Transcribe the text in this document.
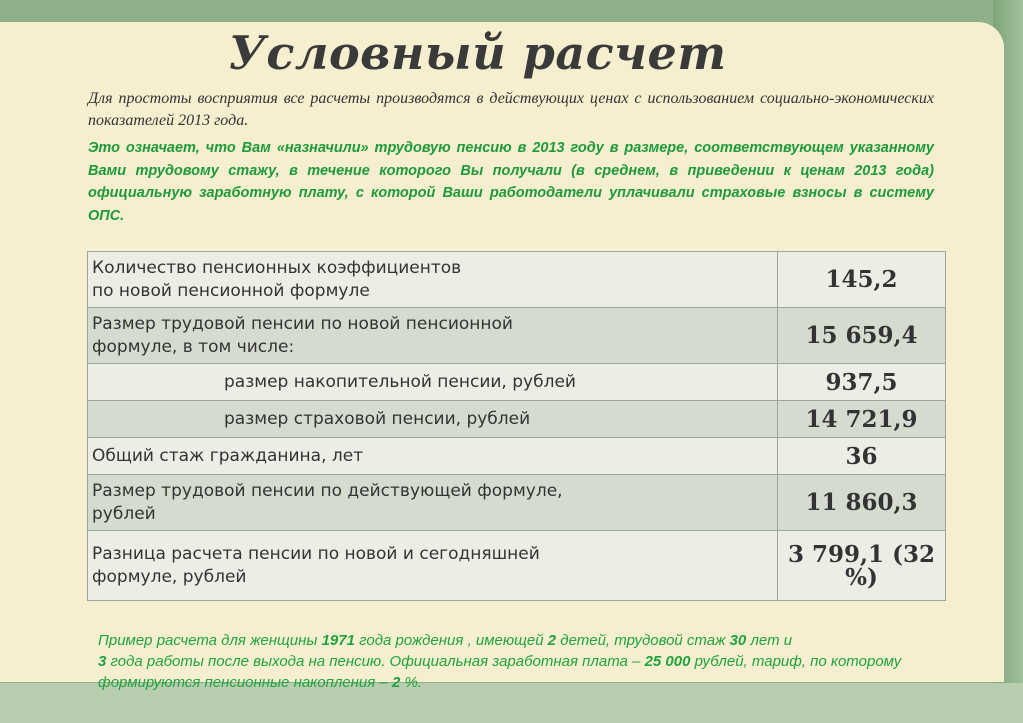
Условный расчет
Для простоты восприятия все расчеты производятся в действующих ценах с использованием социально-экономических показателей 2013 года.
Это означает, что Вам «назначили» трудовую пенсию в 2013 году в размере, соответствующем указанному Вами трудовому стажу, в течение которого Вы получали (в среднем, в приведении к ценам 2013 года) официальную заработную плату, с которой Ваши работодатели уплачивали страховые взносы в систему ОПС.
Количество пенсионных коэффициентов
по новой пенсионной формуле	145,2
Размер трудовой пенсии по новой пенсионной
формуле, в том числе:	15 659,4
размер накопительной пенсии, рублей	937,5
размер страховой пенсии, рублей	14 721,9
Общий стаж гражданина, лет	36
Размер трудовой пенсии по действующей формуле,
рублей	11 860,3
Разница расчета пенсии по новой и сегодняшней
формуле, рублей	3 799,1 (32 %)
Пример расчета для женщины 1971 года рождения , имеющей 2 детей, трудовой стаж 30 лет и
3 года работы после выхода на пенсию. Официальная заработная плата – 25 000 рублей, тариф, по которому формируются пенсионные накопления – 2 %.
